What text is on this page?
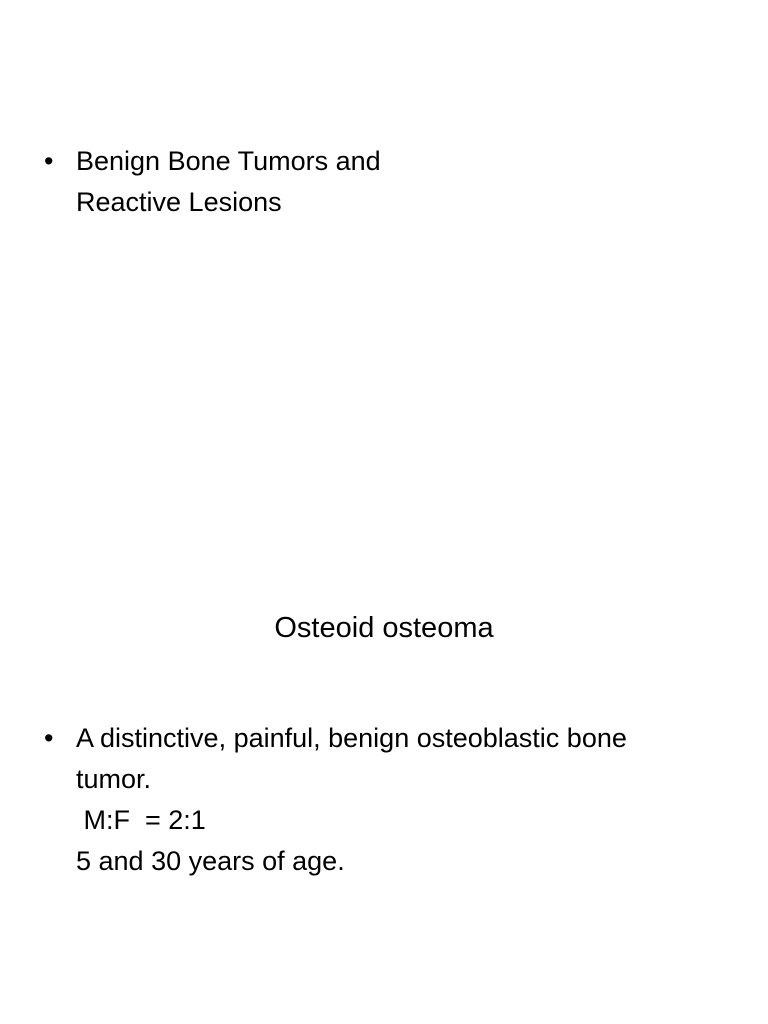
• Benign Bone Tumors and
Reactive Lesions
Osteoid osteoma
• A distinctive, painful, benign osteoblastic bone
tumor.
M:F  = 2:1
5 and 30 years of age.
